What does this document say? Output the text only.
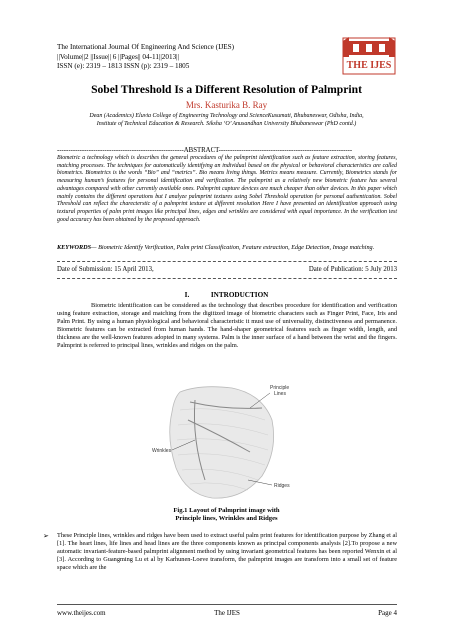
The International Journal Of Engineering And Science (IJES)
||Volume||2 ||Issue|| 6 ||Pages|| 04-11||2013||
ISSN (e): 2319 – 1813 ISSN (p): 2319 – 1805	THE IJES
Sobel Threshold Is a Different Resolution of Palmprint
Mrs. Kasturika B. Ray
Dean (Academics) Eluvia College of Engineering Technology and ScienceKusumati, Bhubaneswar, Odisha, India, Institute of Technical Education & Research. Siksha ‘O’ Anusandhan University Bhubaneswar (PhD contd.)
--------------------------------------------------------ABSTRACT-----------------------------------------------------------
Biometric a technology which is describes the general procedures of the palmprint identification such as feature extraction, storing features, matching processes. The techniques for automatically identifying an individual based on the physical or behavioral characteristics are called biometrics. Biometrics is the words “Bio” and “metrics”. Bio means living things. Metrics means measure. Currently, Biometrics stands for measuring human’s features for personal identification and verification. The palmprint as a relatively new biometric feature has several advantages compared with other currently available ones. Palmprint capture devices are much cheaper than other devices. In this paper which mainly contains the different operations but I analyze palmprint textures using Sobel Threshold operation for personal authentication. Sobel Threshold can reflect the charecterstic of a palmprint texture at different resolution Here I have presented an identification approach using textural properties of palm print images like principal lines, edges and wrinkles are considered with equal importance. In the verification test good accuracy has been obtained by the proposed approach.
KEYWORDS— Biometric Identify Verification, Palm print Classification, Feature extraction, Edge Detection, Image matching.
Date of Submission: 15 April 2013,	Date of Publication: 5 July 2013
I.	INTRODUCTION
Biometric identification can be considered as the technology that describes procedure for identification and verification using feature extraction, storage and matching from the digitized image of biometric characters such as Finger Print, Face, Iris and Palm Print. By using a human physiological and behavioral characteristic it must use of universality, distinctiveness and permanence. Biometric features can be extracted from human hands. The hand-shaper geometrical features such as finger width, length, and thickness are the well-known features adopted in many systems. Palm is the inner surface of a hand between the wrist and the fingers. Palmprint is referred to principal lines, wrinkles and ridges on the palm.
Principle
Lines
Wrinkles
Ridges
Fig.1 Layout of Palmprint image with
Principle lines, Wrinkles and Ridges
➢ These Principle lines, wrinkles and ridges have been used to extract useful palm print features for identification purpose by Zhang et al [1]. The heart lines, life lines and head lines are the three components known as principal components analysis [2].To propose a new automatic invariant-feature-based palmprint alignment method by using invariant geometrical features has been reported Wenxin et al [3]. According to Guangming Lu et al by Karhunen-Loeve transform, the palmprint images are transform into a small set of feature space which are the
www.theijes.com	The IJES	Page 4
